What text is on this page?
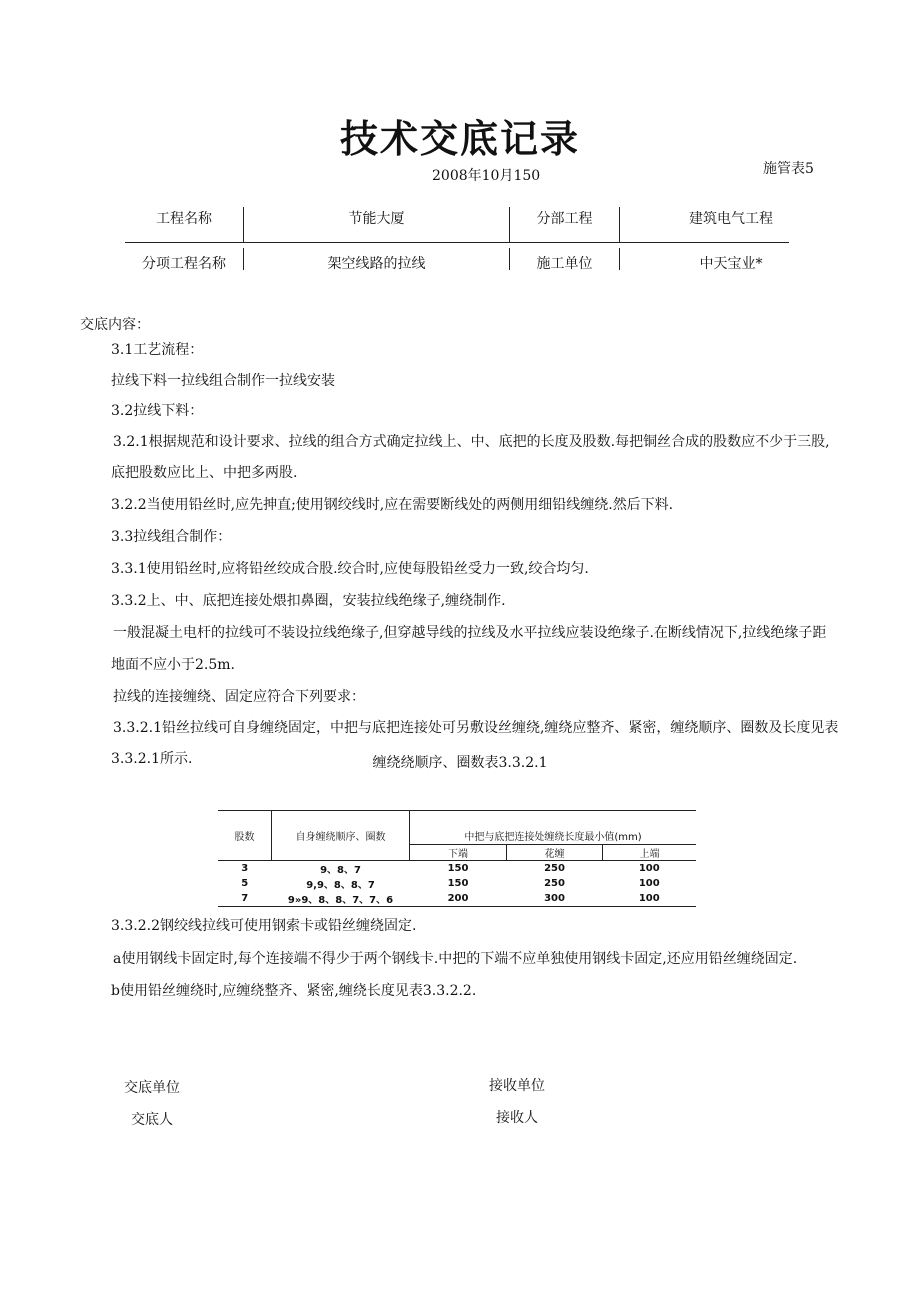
技术交底记录
2008年10月150	施管表5
工程名称	节能大厦	分部工程	建筑电气工程
分项工程名称	架空线路的拉线	施工单位	中天宝业*
交底内容：
3.1工艺流程：
拉线下料一拉线组合制作一拉线安装
3.2拉线下料：
3.2.1根据规范和设计要求、拉线的组合方式确定拉线上、中、底把的长度及股数.每把铜丝合成的股数应不少于三股,
底把股数应比上、中把多两股.
3.2.2当使用铅丝时,应先抻直;使用钢绞线时,应在需要断线处的两侧用细铅线缠绕.然后下料.
3.3拉线组合制作：
3.3.1使用铅丝时,应将铅丝绞成合股.绞合时,应使每股铅丝受力一致,绞合均匀.
3.3.2上、中、底把连接处煨扣鼻圈，安装拉线绝缘子,缠绕制作.
一般混凝土电杆的拉线可不装设拉线绝缘子,但穿越导线的拉线及水平拉线应装设绝缘子.在断线情况下,拉线绝缘子距
地面不应小于2.5m.
拉线的连接缠绕、固定应符合下列要求：
3.3.2.1铅丝拉线可自身缠绕固定，中把与底把连接处可另敷设丝缠绕,缠绕应整齐、紧密，缠绕顺序、圈数及长度见表
3.3.2.1所示.	缠绕绕顺序、圈数表3.3.2.1
股数	自身缠绕顺序、圈数	中把与底把连接处缠绕长度最小值(mm)		
		下端	花缠	上端
3	9、8、7	150	250	100
5	9,9、8、8、7	150	250	100
7	9»9、8、8、7、7、6	200	300	100
3.3.2.2钢绞线拉线可使用钢索卡或铅丝缠绕固定.
a使用钢线卡固定时,每个连接端不得少于两个钢线卡.中把的下端不应单独使用钢线卡固定,还应用铅丝缠绕固定.
b使用铅丝缠绕时,应缠绕整齐、紧密,缠绕长度见表3.3.2.2.
交底单位	接收单位
交底人	接收人
